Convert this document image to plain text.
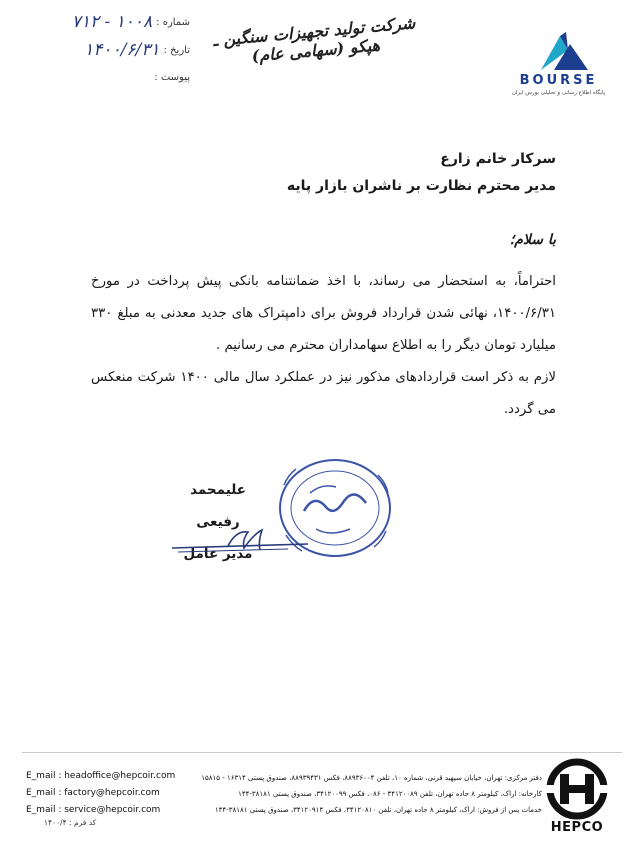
شماره :
۷۱۲ - ۱۰۰۸
تاریخ :
۱۴۰۰/۶/۳۱
پیوست :
شرکت تولید تجهیزات سنگین ـ هپکو (سهامی عام)
BOURSE
پایگاه اطلاع رسانی و تحلیلی بورس ایران
سرکار خانم زارع
مدیر محترم نظارت بر ناشران بازار پایه
با سلام؛

احتراماً، به استحضار می رساند، با اخذ ضمانتنامه بانکی پیش پرداخت در مورخ ۱۴۰۰/۶/۳۱، نهائی شدن قرارداد فروش برای دامپتراک های جدید معدنی به مبلغ ۳۳۰ میلیارد تومان دیگر را به اطلاع سهامداران محترم می رسانیم .

لازم به ذکر است قراردادهای مذکور نیز در عملکرد سال مالی ۱۴۰۰ شرکت منعکس می گردد.

علیمحمد رفیعی
مدیر عامل
E_mail : headoffice@hepcoir.com
E_mail : factory@hepcoir.com
E_mail : service@hepcoir.com
کد فرم : ۱۴۰۰/۴
دفتر مرکزی: تهران، خیابان سپهبد قرنی، شماره ۱۰، تلفن ۸۸۹۳۶۰۰۴، فکس ۸۸۹۳۹۴۳۱، صندوق پستی ۱۶۳۱۴ - ۱۵۸۱۵
کارخانه: اراک، کیلومتر ۸ جاده تهران، تلفن ۳۴۱۲۰۰۸۹ - ۰۸۶، فکس ۳۴۱۲۰۰۹۹، صندوق پستی ۳۸۱۸۱-۱۴۴
خدمات پس از فروش: اراک، کیلومتر ۸ جاده تهران، تلفن ۳۴۱۲۰۸۱۰، فکس ۳۴۱۲۰۹۱۴، صندوق پستی ۳۸۱۸۱-۱۴۴
HEPCO
